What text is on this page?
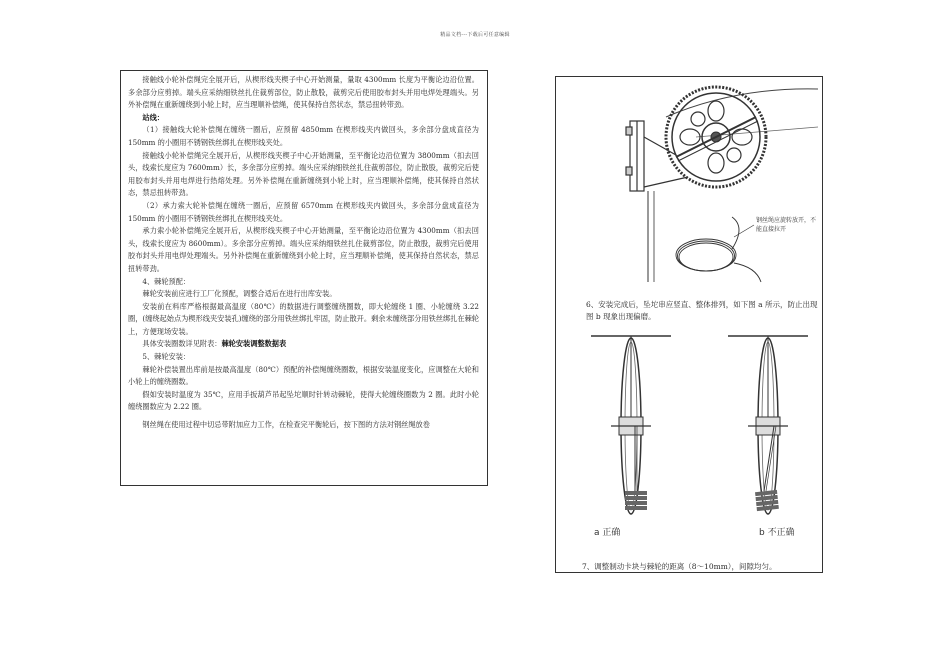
精品文档---下载后可任意编辑

接触线小轮补偿绳完全展开后，从楔形线夹楔子中心开始测量，量取 4300mm 长度为平衡论边沿位置。多余部分应剪掉。端头应采纳细铁丝扎住裁剪部位，防止散股，裁剪完后使用胶布封头并用电焊处理端头。另外补偿绳在重新缠绕到小轮上时，应当理顺补偿绳，使其保持自然状态，禁忌扭转带劲。

站线：

（1）接触线大轮补偿绳在缠绕一圈后，应预留 4850mm 在楔形线夹内做回头，多余部分盘成直径为 150mm 的小圈用不锈钢铁丝绑扎在楔形线夹处。

接触线小轮补偿绳完全展开后，从楔形线夹楔子中心开始测量，至平衡论边沿位置为 3800mm（扣去回头，线索长度应为 7600mm）长，多余部分应剪掉。端头应采纳细铁丝扎住裁剪部位，防止散股，裁剪完后使用胶布封头并用电焊进行热熔处理。另外补偿绳在重新缠绕到小轮上时，应当理顺补偿绳，使其保持自然状态，禁忌扭转带劲。

（2）承力索大轮补偿绳在缠绕一圈后，应预留 6570mm 在楔形线夹内做回头，多余部分盘成直径为 150mm 的小圈用不锈钢铁丝绑扎在楔形线夹处。

承力索小轮补偿绳完全展开后，从楔形线夹楔子中心开始测量，至平衡论边沿位置为 4300mm（扣去回头，线索长度应为 8600mm）。多余部分应剪掉。端头应采纳细铁丝扎住裁剪部位，防止散股，裁剪完后使用胶布封头并用电焊处理端头。另外补偿绳在重新缠绕到小轮上时，应当理顺补偿绳，使其保持自然状态，禁忌扭转带劲。

4、棘轮预配：

棘轮安装前应进行工厂化预配，调整合适后在进行出库安装。

安装前在料库严格根据最高温度（80℃）的数据进行调整缠绕圈数，即大轮缠绕 1 圈、小轮缠绕 3.22 圈，(缠绕起始点为楔形线夹安装孔)缠绕的部分用铁丝绑扎牢固，防止散开。剩余未缠绕部分用铁丝绑扎在棘轮上，方便现场安装。

具体安装圈数详见附表：棘轮安装调整数据表

5、棘轮安装：

棘轮补偿装置出库前是按最高温度（80℃）预配的补偿绳缠绕圈数，根据安装温度变化，应调整在大轮和小轮上的缠绕圈数。

假如安装时温度为 35℃，应用手扳葫芦吊起坠坨顺时针转动棘轮，使得大轮缠绕圈数为 2 圈。此时小轮缠绕圈数应为 2.22 圈。

钢丝绳在使用过程中切忌带附加应力工作，在检查完平衡轮后，按下图的方法对钢丝绳放卷

钢丝绳应旋转放开，不能直接拉开
6、安装完成后，坠坨串应竖直、整体排列，如下图 a 所示，防止出现图 b 现象出现偏磨。
a 正确	b 不正确
7、调整制动卡块与棘轮的距离（8～10mm），间隙均匀。
